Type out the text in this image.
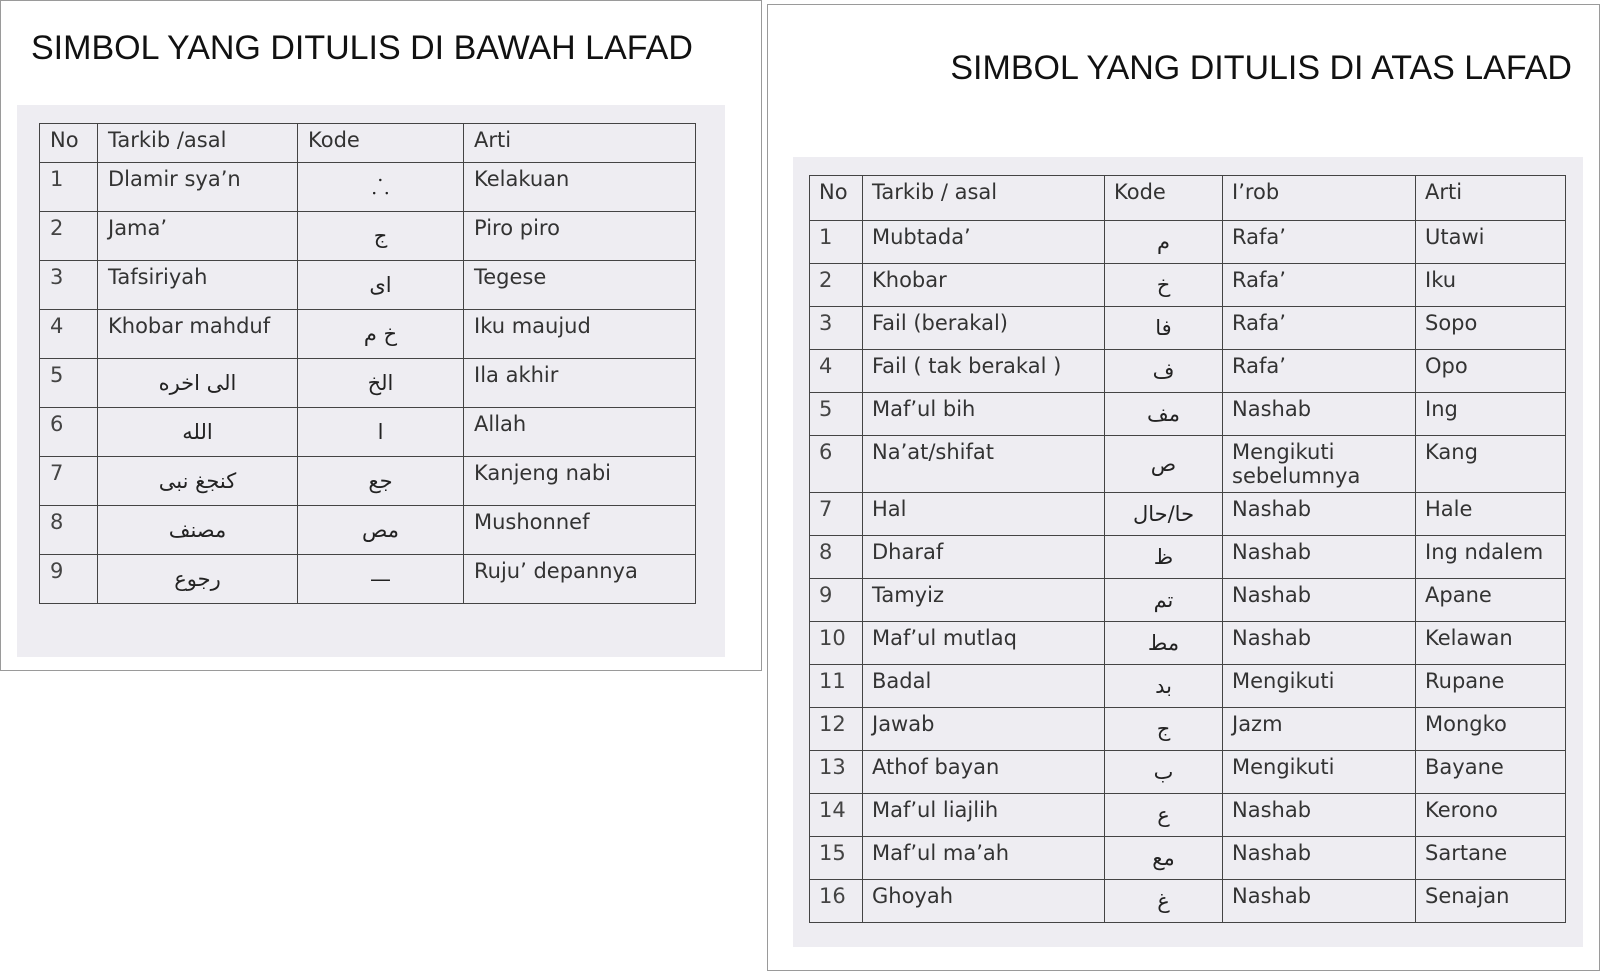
SIMBOL YANG DITULIS DI BAWAH LAFAD
No	Tarkib /asal	Kode	Arti
1	Dlamir sya’n	⸫	Kelakuan
2	Jama’	ج	Piro piro
3	Tafsiriyah	اى	Tegese
4	Khobar mahduf	خ م	Iku maujud
5	الى اخره	الخ	Ila akhir
6	الله	ا	Allah
7	كنجغ نبى	جع	Kanjeng nabi
8	مصنف	مص	Mushonnef
9	رجوع	—	Ruju’ depannya
SIMBOL YANG DITULIS DI ATAS LAFAD
No	Tarkib / asal	Kode	I’rob	Arti
1	Mubtada’	م	Rafa’	Utawi
2	Khobar	خ	Rafa’	Iku
3	Fail (berakal)	فا	Rafa’	Sopo
4	Fail ( tak berakal )	ف	Rafa’	Opo
5	Maf’ul bih	مف	Nashab	Ing
6	Na’at/shifat	ص	Mengikuti sebelumnya	Kang
7	Hal	حا/حال	Nashab	Hale
8	Dharaf	ظ	Nashab	Ing ndalem
9	Tamyiz	تم	Nashab	Apane
10	Maf’ul mutlaq	مط	Nashab	Kelawan
11	Badal	بد	Mengikuti	Rupane
12	Jawab	ج	Jazm	Mongko
13	Athof bayan	ب	Mengikuti	Bayane
14	Maf’ul liajlih	ع	Nashab	Kerono
15	Maf’ul ma’ah	مع	Nashab	Sartane
16	Ghoyah	غ	Nashab	Senajan
